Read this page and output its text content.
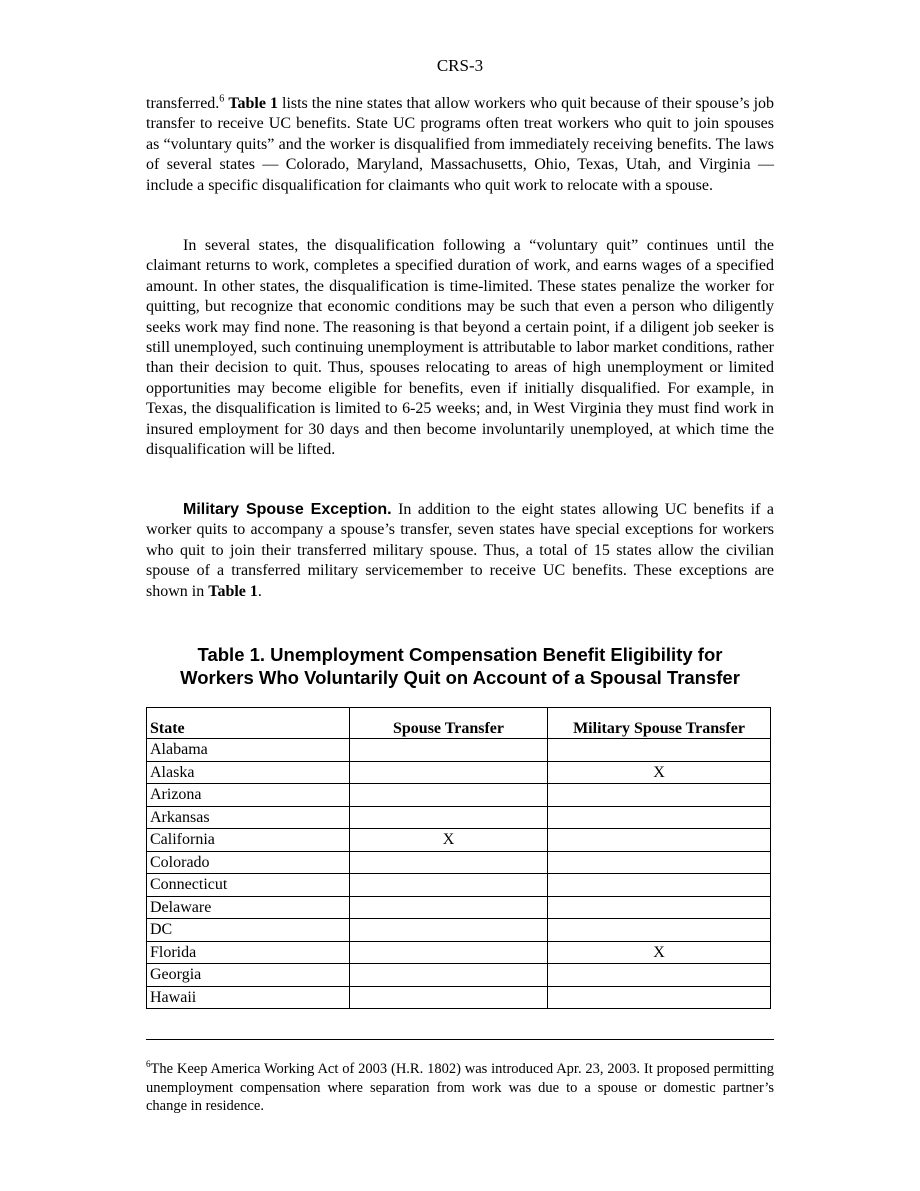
CRS-3

transferred.$^6$ Table 1 lists the nine states that allow workers who quit because of their spouse’s job transfer to receive UC benefits. State UC programs often treat workers who quit to join spouses as “voluntary quits” and the worker is disqualified from immediately receiving benefits. The laws of several states — Colorado, Maryland, Massachusetts, Ohio, Texas, Utah, and Virginia — include a specific disqualification for claimants who quit work to relocate with a spouse.

In several states, the disqualification following a “voluntary quit” continues until the claimant returns to work, completes a specified duration of work, and earns wages of a specified amount. In other states, the disqualification is time-limited. These states penalize the worker for quitting, but recognize that economic conditions may be such that even a person who diligently seeks work may find none. The reasoning is that beyond a certain point, if a diligent job seeker is still unemployed, such continuing unemployment is attributable to labor market conditions, rather than their decision to quit. Thus, spouses relocating to areas of high unemployment or limited opportunities may become eligible for benefits, even if initially disqualified. For example, in Texas, the disqualification is limited to 6-25 weeks; and, in West Virginia they must find work in insured employment for 30 days and then become involuntarily unemployed, at which time the disqualification will be lifted.

Military Spouse Exception. In addition to the eight states allowing UC benefits if a worker quits to accompany a spouse’s transfer, seven states have special exceptions for workers who quit to join their transferred military spouse. Thus, a total of 15 states allow the civilian spouse of a transferred military servicemember to receive UC benefits. These exceptions are shown in Table 1.

Table 1. Unemployment Compensation Benefit Eligibility for
Workers Who Voluntarily Quit on Account of a Spousal Transfer
State	Spouse Transfer	Military Spouse Transfer
Alabama		
Alaska		X
Arizona		
Arkansas		
California	X	
Colorado		
Connecticut		
Delaware		
DC		
Florida		X
Georgia		
Hawaii		

$^6$The Keep America Working Act of 2003 (H.R. 1802) was introduced Apr. 23, 2003. It proposed permitting unemployment compensation where separation from work was due to a spouse or domestic partner’s change in residence.
